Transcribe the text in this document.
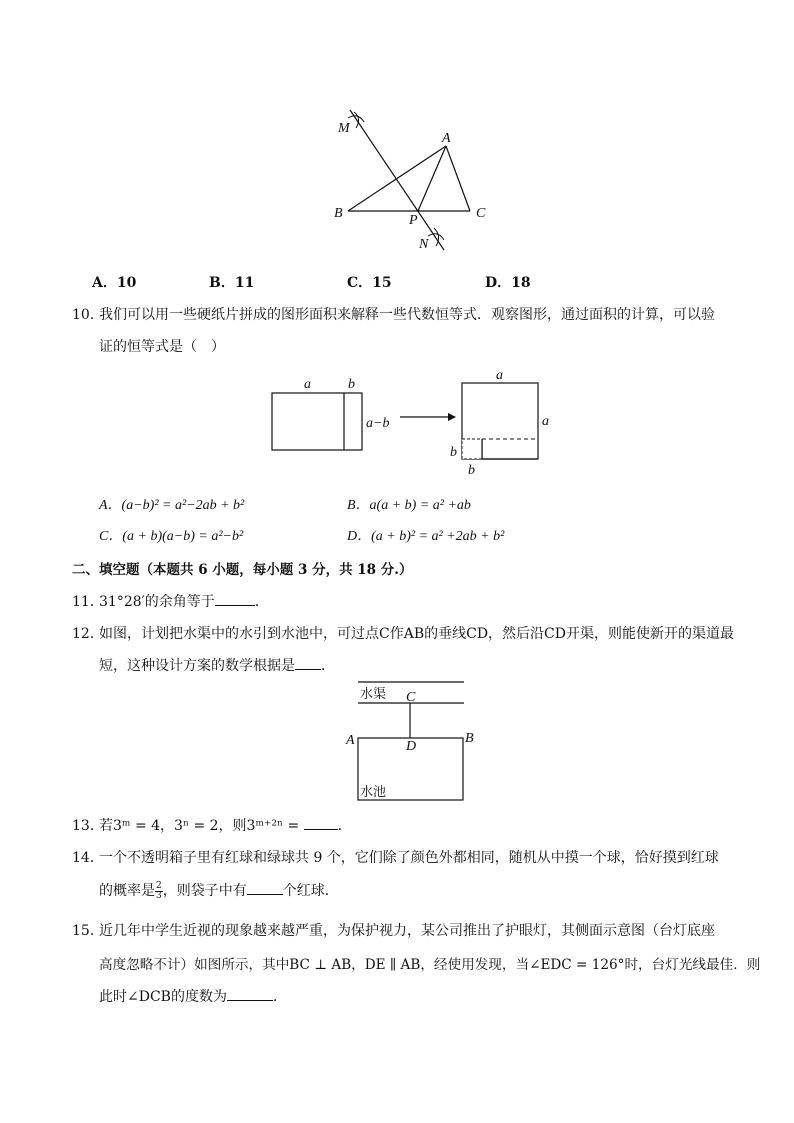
M
A
B	P	C
N
A．10	B．11	C．15	D．18
10．
我们可以用一些硬纸片拼成的图形面积来解释一些代数恒等式．观察图形，通过面积的计算，可以验
证的恒等式是（　）
a	b
a−b
a
a
b
b
A．(a−b)² = a²−2ab + b²	B．a(a + b) = a² +ab
C．(a + b)(a−b) = a²−b²	D．(a + b)² = a² +2ab + b²
二、填空题（本题共 6 小题，每小题 3 分，共 18 分.）
11．
31°28′的余角等于	．
12．
如图，计划把水渠中的水引到水池中，可过点C作AB的垂线CD，然后沿CD开渠，则能使新开的渠道最
短，这种设计方案的数学根据是 ．
水渠 C
D
A	B
水池
13．
若3ᵐ = 4，3ⁿ = 2，则3ᵐ⁺²ⁿ = ．
14．
一个不透明箱子里有红球和绿球共 9 个，它们除了颜色外都相同，随机从中摸一个球，恰好摸到红球
的概率是 $\frac{2}{3}$ ，则袋子中有	个红球．
15．
近几年中学生近视的现象越来越严重，为保护视力，某公司推出了护眼灯，其侧面示意图（台灯底座
高度忽略不计）如图所示，其中BC ⊥ AB，DE ∥ AB，经使用发现，当∠EDC = 126°时，台灯光线最佳．则
此时∠DCB的度数为	．
